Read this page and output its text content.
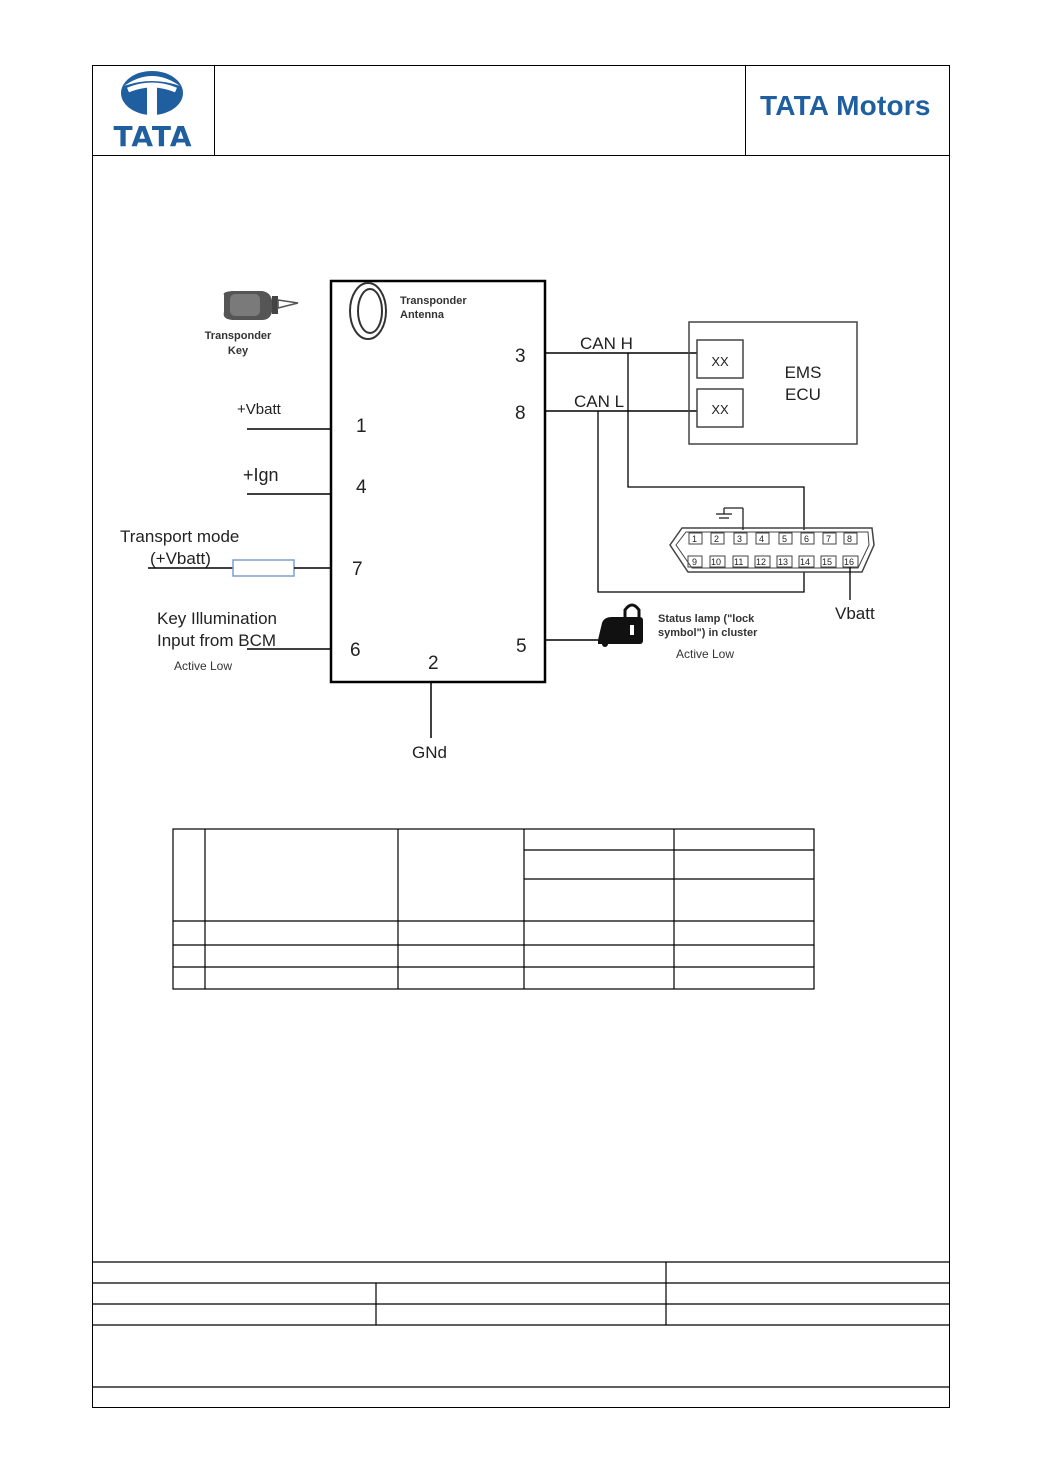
TATA
TATA Motors
Transponder
Key
Transponder
Antenna
+Vbatt
1
+Ign
4
Transport mode
(+Vbatt)
7
Key Illumination
Input from BCM
Active Low
6
2
GNd
3
8
CAN H
CAN L
XX
XX
EMS
ECU
1 2 3 4 5 6 7 8
9 10 11 12 13 14 15 16
Vbatt
5
Status lamp ("lock
symbol") in cluster
Active Low
